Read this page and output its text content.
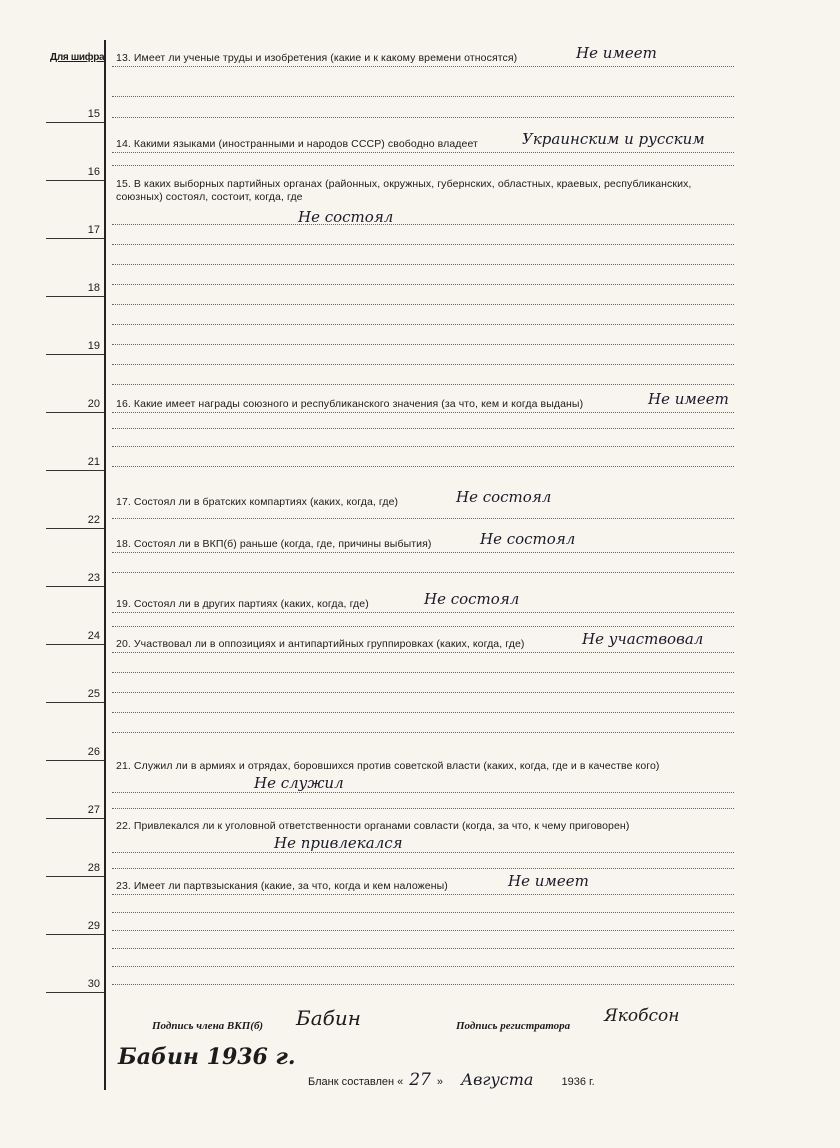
Для шифра
15
16
17
18
19
20
21
22
23
24
25
26
27
28
29
30
13. Имеет ли ученые труды и изобретения (какие и к какому времени относятся)	Не имеет
14. Какими языками (иностранными и народов СССР) свободно владеет	Украинским и русским
15. В каких выборных партийных органах (районных, окружных, губернских, областных, краевых, республиканских, союзных) состоял, состоит, когда, где
Не состоял
16. Какие имеет награды союзного и республиканского значения (за что, кем и когда выданы)	Не имеет
17. Состоял ли в братских компартиях (каких, когда, где)	Не состоял
18. Состоял ли в ВКП(б) раньше (когда, где, причины выбытия)	Не состоял
19. Состоял ли в других партиях (каких, когда, где)	Не состоял
20. Участвовал ли в оппозициях и антипартийных группировках (каких, когда, где)	Не участвовал
21. Служил ли в армиях и отрядах, боровшихся против советской власти (каких, когда, где и в качестве кого)
Не служил
22. Привлекался ли к уголовной ответственности органами совласти (когда, за что, к чему приговорен)
Не привлекался
23. Имеет ли партвзыскания (какие, за что, когда и кем наложены)	Не имеет
Подпись члена ВКП(б) Бабин	Подпись регистратора Якобсон
Бабин 1936 г.
Бланк составлен « 27 » Августа	1936 г.
